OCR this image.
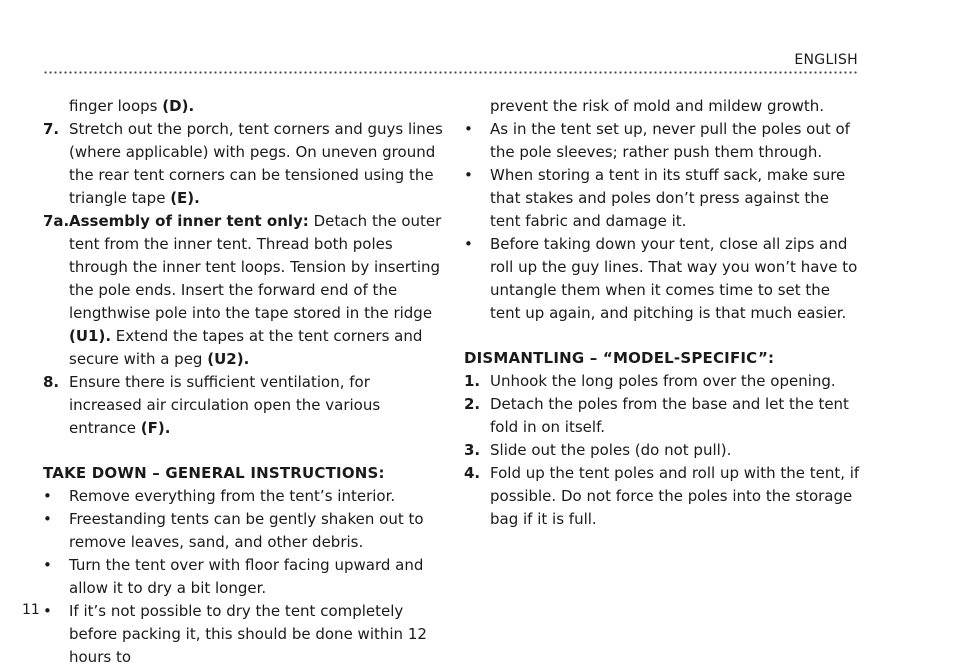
ENGLISH
finger loops (D).
7. Stretch out the porch, tent corners and guys lines (where applicable) with pegs. On uneven ground the rear tent corners can be tensioned using the triangle tape (E).
7a. Assembly of inner tent only: Detach the outer tent from the inner tent. Thread both poles through the inner tent loops. Tension by inserting the pole ends. Insert the forward end of the lengthwise pole into the tape stored in the ridge (U1). Extend the tapes at the tent corners and secure with a peg (U2).
8. Ensure there is sufficient ventilation, for increased air circulation open the various entrance (F).
TAKE DOWN – GENERAL INSTRUCTIONS:
•	Remove everything from the tent’s interior.
•	Freestanding tents can be gently shaken out to remove leaves, sand, and other debris.
•	Turn the tent over with floor facing upward and allow it to dry a bit longer.
•	If it’s not possible to dry the tent completely before packing it, this should be done within 12 hours to
prevent the risk of mold and mildew growth.
•	As in the tent set up, never pull the poles out of the pole sleeves; rather push them through.
•	When storing a tent in its stuff sack, make sure that stakes and poles don’t press against the tent fabric and damage it.
•	Before taking down your tent, close all zips and roll up the guy lines. That way you won’t have to untangle them when it comes time to set the tent up again, and pitching is that much easier.
DISMANTLING – “MODEL-SPECIFIC”:
1. Unhook the long poles from over the opening.
2. Detach the poles from the base and let the tent fold in on itself.
3. Slide out the poles (do not pull).
4. Fold up the tent poles and roll up with the tent, if possible. Do not force the poles into the storage bag if it is full.
11
